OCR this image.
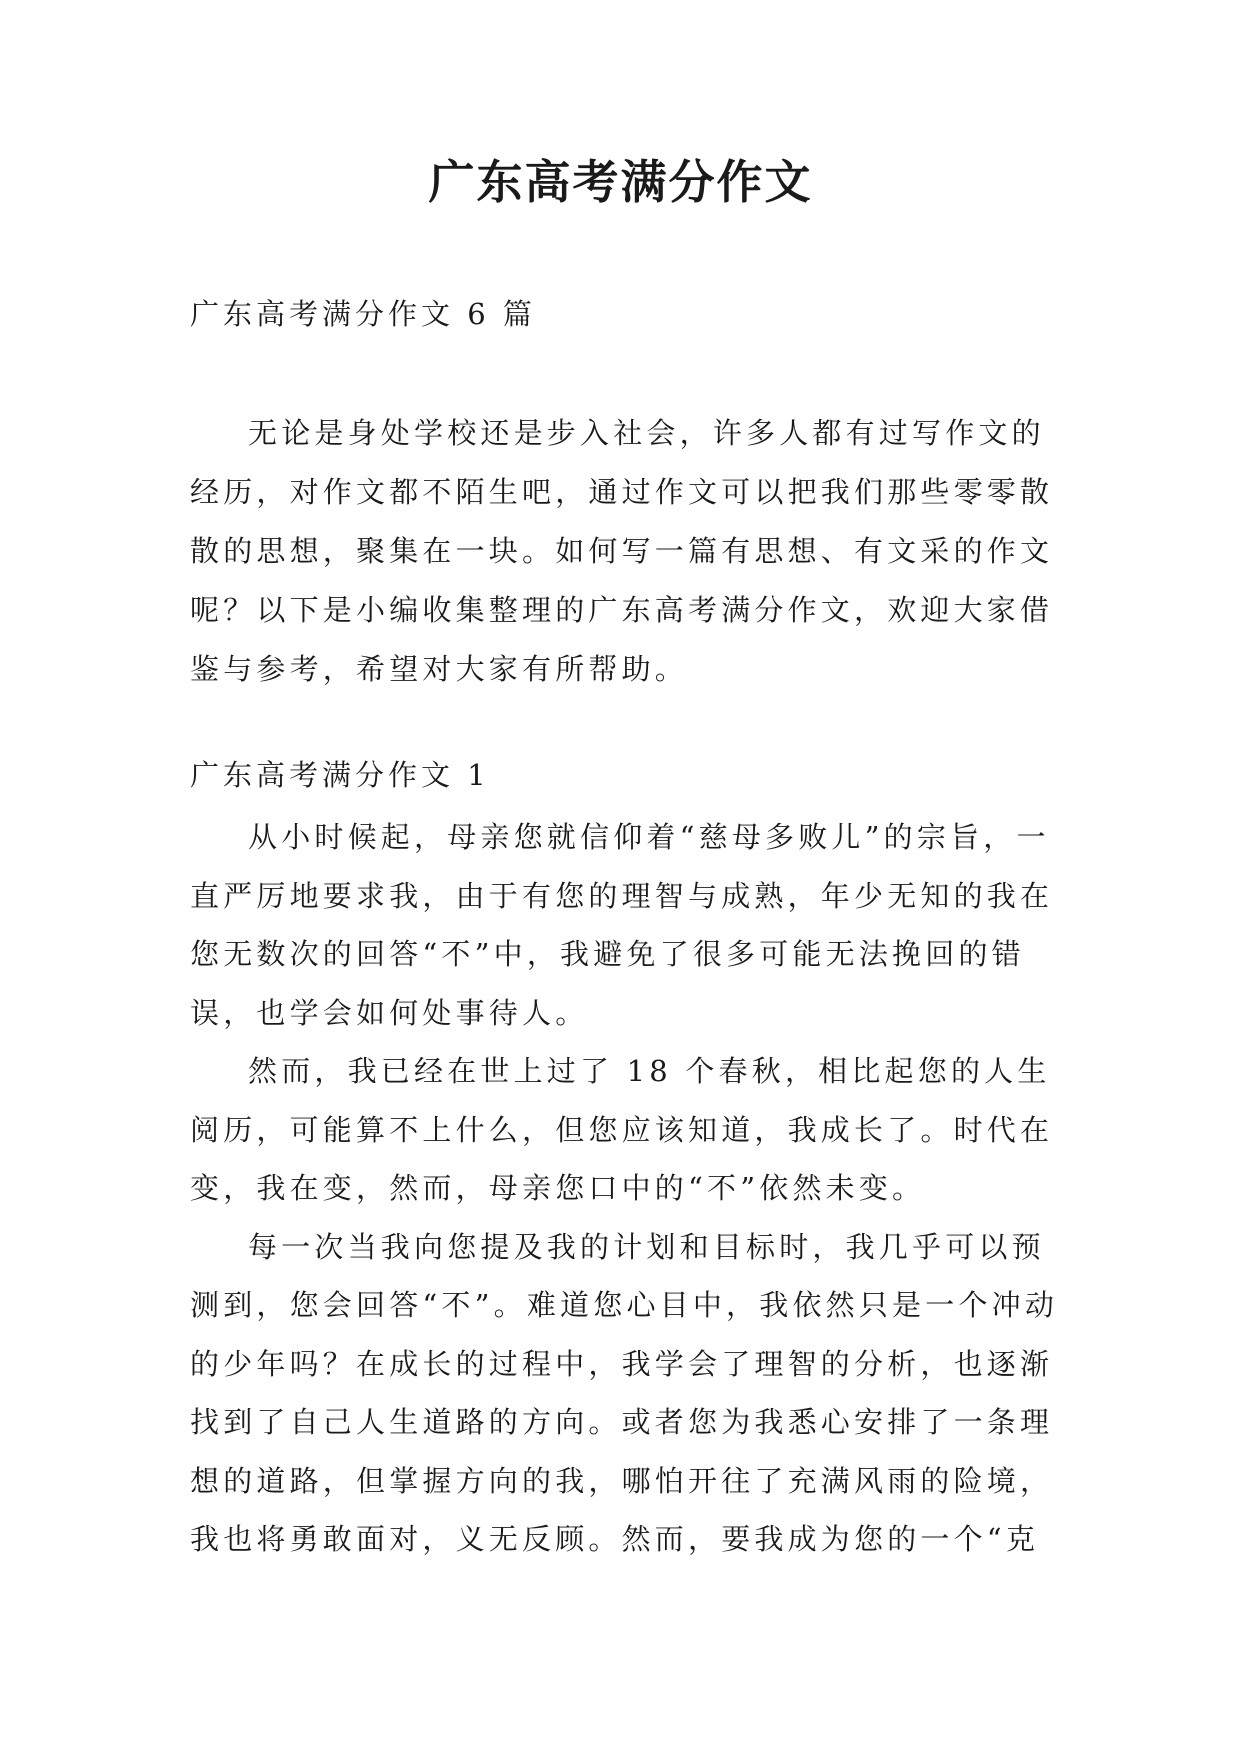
广东高考满分作文

广东高考满分作文 6 篇

无论是身处学校还是步入社会，许多人都有过写作文的经历，对作文都不陌生吧，通过作文可以把我们那些零零散散的思想，聚集在一块。如何写一篇有思想、有文采的作文呢？以下是小编收集整理的广东高考满分作文，欢迎大家借鉴与参考，希望对大家有所帮助。

广东高考满分作文 1

从小时候起，母亲您就信仰着“慈母多败儿”的宗旨，一直严厉地要求我，由于有您的理智与成熟，年少无知的我在您无数次的回答“不”中，我避免了很多可能无法挽回的错误，也学会如何处事待人。

然而，我已经在世上过了 18 个春秋，相比起您的人生阅历，可能算不上什么，但您应该知道，我成长了。时代在变，我在变，然而，母亲您口中的“不”依然未变。

每一次当我向您提及我的计划和目标时，我几乎可以预测到，您会回答“不”。难道您心目中，我依然只是一个冲动的少年吗？在成长的过程中，我学会了理智的分析，也逐渐找到了自己人生道路的方向。或者您为我悉心安排了一条理想的道路，但掌握方向的我，哪怕开往了充满风雨的险境，我也将勇敢面对，义无反顾。然而，要我成为您的一个“克
